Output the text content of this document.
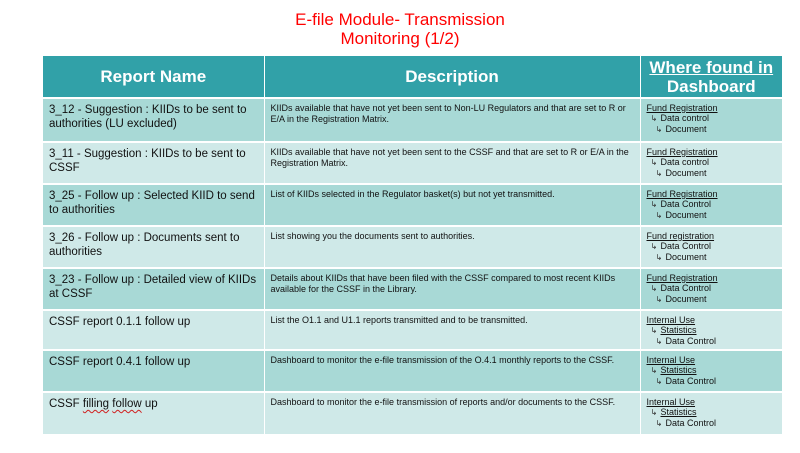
E-file Module- Transmission
Monitoring (1/2)
Report Name	Description	Where found in
Dashboard

3_12 - Suggestion : KIIDs to be sent to authorities (LU excluded)	KIIDs available that have not yet been sent to Non-LU Regulators and that are set to R or E/A in the Registration Matrix.	Fund Registration
↳ Data control
↳ Document

3_11 - Suggestion : KIIDs to be sent to CSSF	KIIDs available that have not yet been sent to the CSSF and that are set to R or E/A in the Registration Matrix.	Fund Registration
↳ Data control
↳ Document

3_25 - Follow up : Selected KIID to send to authorities	List of KIIDs selected in the Regulator basket(s) but not yet transmitted.	Fund Registration
↳ Data Control
↳ Document

3_26 - Follow up : Documents sent to authorities	List showing you the documents sent to authorities.	Fund registration
↳ Data Control
↳ Document

3_23 - Follow up : Detailed view of KIIDs at CSSF	Details about KIIDs that have been filed with the CSSF compared to most recent KIIDs available for the CSSF in the Library.	Fund Registration
↳ Data Control
↳ Document

CSSF report 0.1.1 follow up	List the O1.1 and U1.1 reports transmitted and to be transmitted.	Internal Use
↳ Statistics
↳ Data Control

CSSF report 0.4.1 follow up	Dashboard to monitor the e-file transmission of the O.4.1 monthly reports to the CSSF.	Internal Use
↳ Statistics
↳ Data Control

CSSF filling follow up	Dashboard to monitor the e-file transmission of reports and/or documents to the CSSF.	Internal Use
↳ Statistics
↳ Data Control
